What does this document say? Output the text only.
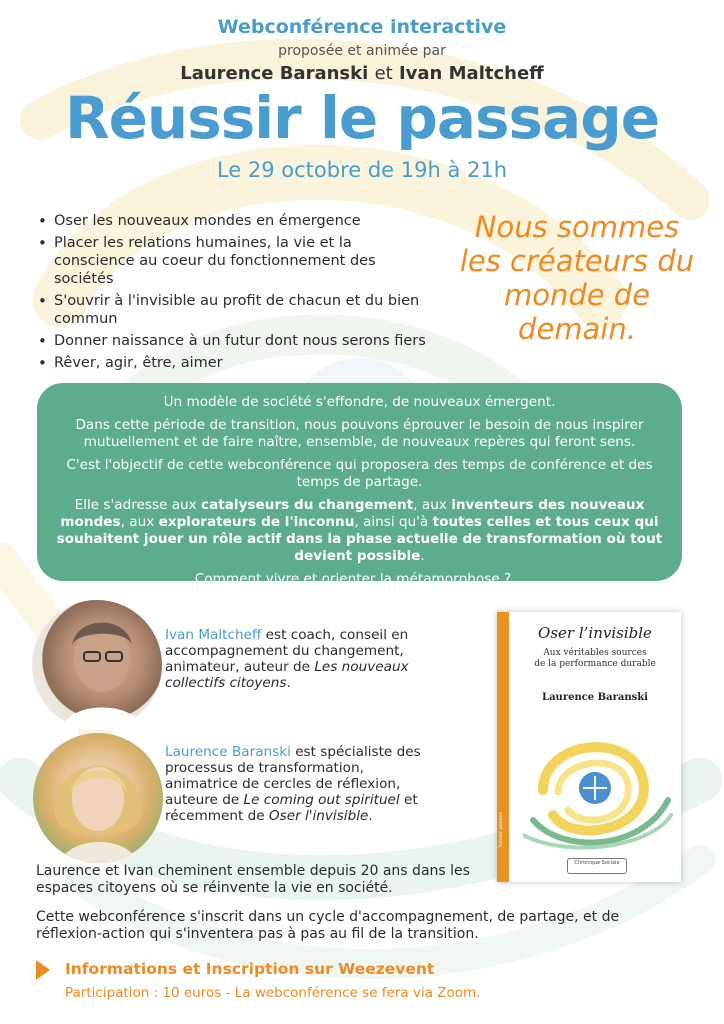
Webconférence interactive
proposée et animée par
Laurence Baranski et Ivan Maltcheff
Réussir le passage
Le 29 octobre de 19h à 21h
• Oser les nouveaux mondes en émergence
• Placer les relations humaines, la vie et la conscience au coeur du fonctionnement des sociétés
• S'ouvrir à l'invisible au profit de chacun et du bien commun
• Donner naissance à un futur dont nous serons fiers
• Rêver, agir, être, aimer
Nous sommes les créateurs du monde de demain.

Un modèle de société s'effondre, de nouveaux émergent.

Dans cette période de transition, nous pouvons éprouver le besoin de nous inspirer mutuellement et de faire naître, ensemble, de nouveaux repères qui feront sens.

C'est l'objectif de cette webconférence qui proposera des temps de conférence et des temps de partage.

Elle s'adresse aux catalyseurs du changement, aux inventeurs des nouveaux mondes, aux explorateurs de l'inconnu, ainsi qu'à toutes celles et tous ceux qui souhaitent jouer un rôle actif dans la phase actuelle de transformation où tout devient possible.

Comment vivre et orienter la métamorphose ?...

Ivan Maltcheff est coach, conseil en accompagnement du changement, animateur, auteur de Les nouveaux collectifs citoyens.
Laurence Baranski est spécialiste des processus de transformation, animatrice de cercles de réflexion, auteure de Le coming out spirituel et récemment de Oser l'invisible.	Savoir penser
Oser l’invisible
Aux véritables sources
de la performance durable
Laurence Baranski
Chronique Sociale
Laurence et Ivan cheminent ensemble depuis 20 ans dans les espaces citoyens où se réinvente la vie en société.
Cette webconférence s'inscrit dans un cycle d'accompagnement, de partage, et de réflexion-action qui s'inventera pas à pas au fil de la transition.
Informations et Inscription sur Weezevent
Participation : 10 euros - La webconférence se fera via Zoom.
